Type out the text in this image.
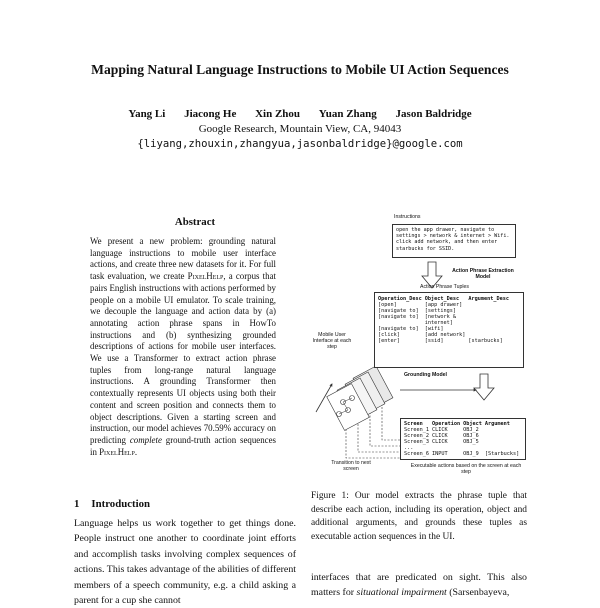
Mapping Natural Language Instructions to Mobile UI Action Sequences
Yang Li Jiacong He Xin Zhou Yuan Zhang Jason Baldridge
Google Research, Mountain View, CA, 94043
{liyang,zhouxin,zhangyua,jasonbaldridge}@google.com
Abstract
We present a new problem: grounding natural language instructions to mobile user interface actions, and create three new datasets for it. For full task evaluation, we create PixelHelp, a corpus that pairs English instructions with actions performed by people on a mobile UI emulator. To scale training, we decouple the language and action data by (a) annotating action phrase spans in HowTo instructions and (b) synthesizing grounded descriptions of actions for mobile user interfaces. We use a Transformer to extract action phrase tuples from long-range natural language instructions. A grounding Transformer then contextually represents UI objects using both their content and screen position and connects them to object descriptions. Given a starting screen and instruction, our model achieves 70.59% accuracy on predicting complete ground-truth action sequences in PixelHelp.
1 Introduction
Language helps us work together to get things done. People instruct one another to coordinate joint efforts and accomplish tasks involving complex sequences of actions. This takes advantage of the abilities of different members of a speech community, e.g. a child asking a parent for a cup she cannot
Instructions
open the app drawer, navigate to settings > network & internet > Wifi. click add network, and then enter starbucks for SSID.
Action Phrase Extraction Model
Action Phrase Tuples
Operation_Desc	Object_Desc	Argument_Desc
[open]	[app drawer]	
[navigate to]	[settings]	
[navigate to]	[network & internet]	
[navigate to]	[wifi]	
[click]	[add network]	
[enter]	[ssid]	[starbucks]
Mobile User Interface at each step
Grounding Model
Screen	Operation	Object	Argument
Screen_1	CLICK	OBJ_2	
Screen_2	CLICK	OBJ_6	
Screen_3	CLICK	OBJ_5	
...			
Screen_6	INPUT	OBJ_9	[Starbucks]
Transition to next screen
Executable actions based on the screen at each step
Figure 1: Our model extracts the phrase tuple that describe each action, including its operation, object and additional arguments, and grounds these tuples as executable action sequences in the UI.
interfaces that are predicated on sight. This also matters for situational impairment (Sarsenbayeva,
